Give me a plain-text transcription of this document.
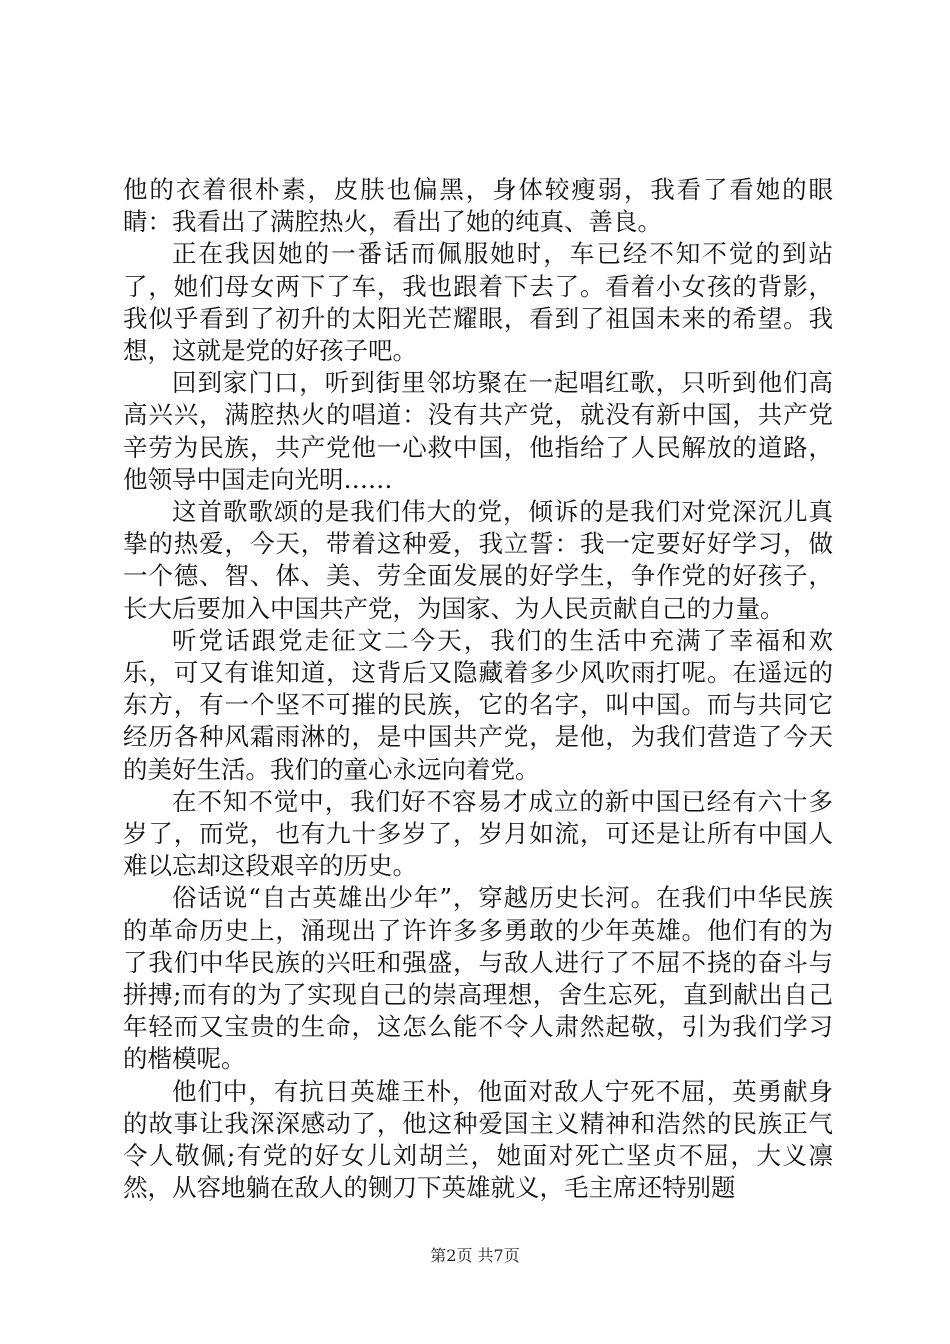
他的衣着很朴素，皮肤也偏黑，身体较瘦弱，我看了看她的眼睛：我看出了满腔热火，看出了她的纯真、善良。

正在我因她的一番话而佩服她时，车已经不知不觉的到站了，她们母女两下了车，我也跟着下去了。看着小女孩的背影，我似乎看到了初升的太阳光芒耀眼，看到了祖国未来的希望。我想，这就是党的好孩子吧。

回到家门口，听到街里邻坊聚在一起唱红歌，只听到他们高高兴兴，满腔热火的唱道：没有共产党，就没有新中国，共产党辛劳为民族，共产党他一心救中国，他指给了人民解放的道路，他领导中国走向光明……

这首歌歌颂的是我们伟大的党，倾诉的是我们对党深沉儿真挚的热爱，今天，带着这种爱，我立誓：我一定要好好学习，做一个德、智、体、美、劳全面发展的好学生，争作党的好孩子，长大后要加入中国共产党，为国家、为人民贡献自己的力量。

听党话跟党走征文二今天，我们的生活中充满了幸福和欢乐，可又有谁知道，这背后又隐藏着多少风吹雨打呢。在遥远的东方，有一个坚不可摧的民族，它的名字，叫中国。而与共同它经历各种风霜雨淋的，是中国共产党，是他，为我们营造了今天的美好生活。我们的童心永远向着党。

在不知不觉中，我们好不容易才成立的新中国已经有六十多岁了，而党，也有九十多岁了，岁月如流，可还是让所有中国人难以忘却这段艰辛的历史。

俗话说“自古英雄出少年”，穿越历史长河。在我们中华民族的革命历史上，涌现出了许许多多勇敢的少年英雄。他们有的为了我们中华民族的兴旺和强盛，与敌人进行了不屈不挠的奋斗与拼搏;而有的为了实现自己的崇高理想，舍生忘死，直到献出自己年轻而又宝贵的生命，这怎么能不令人肃然起敬，引为我们学习的楷模呢。

他们中，有抗日英雄王朴，他面对敌人宁死不屈，英勇献身的故事让我深深感动了，他这种爱国主义精神和浩然的民族正气令人敬佩;有党的好女儿刘胡兰，她面对死亡坚贞不屈，大义凛然，从容地躺在敌人的铡刀下英雄就义，毛主席还特别题

第2页 共7页
